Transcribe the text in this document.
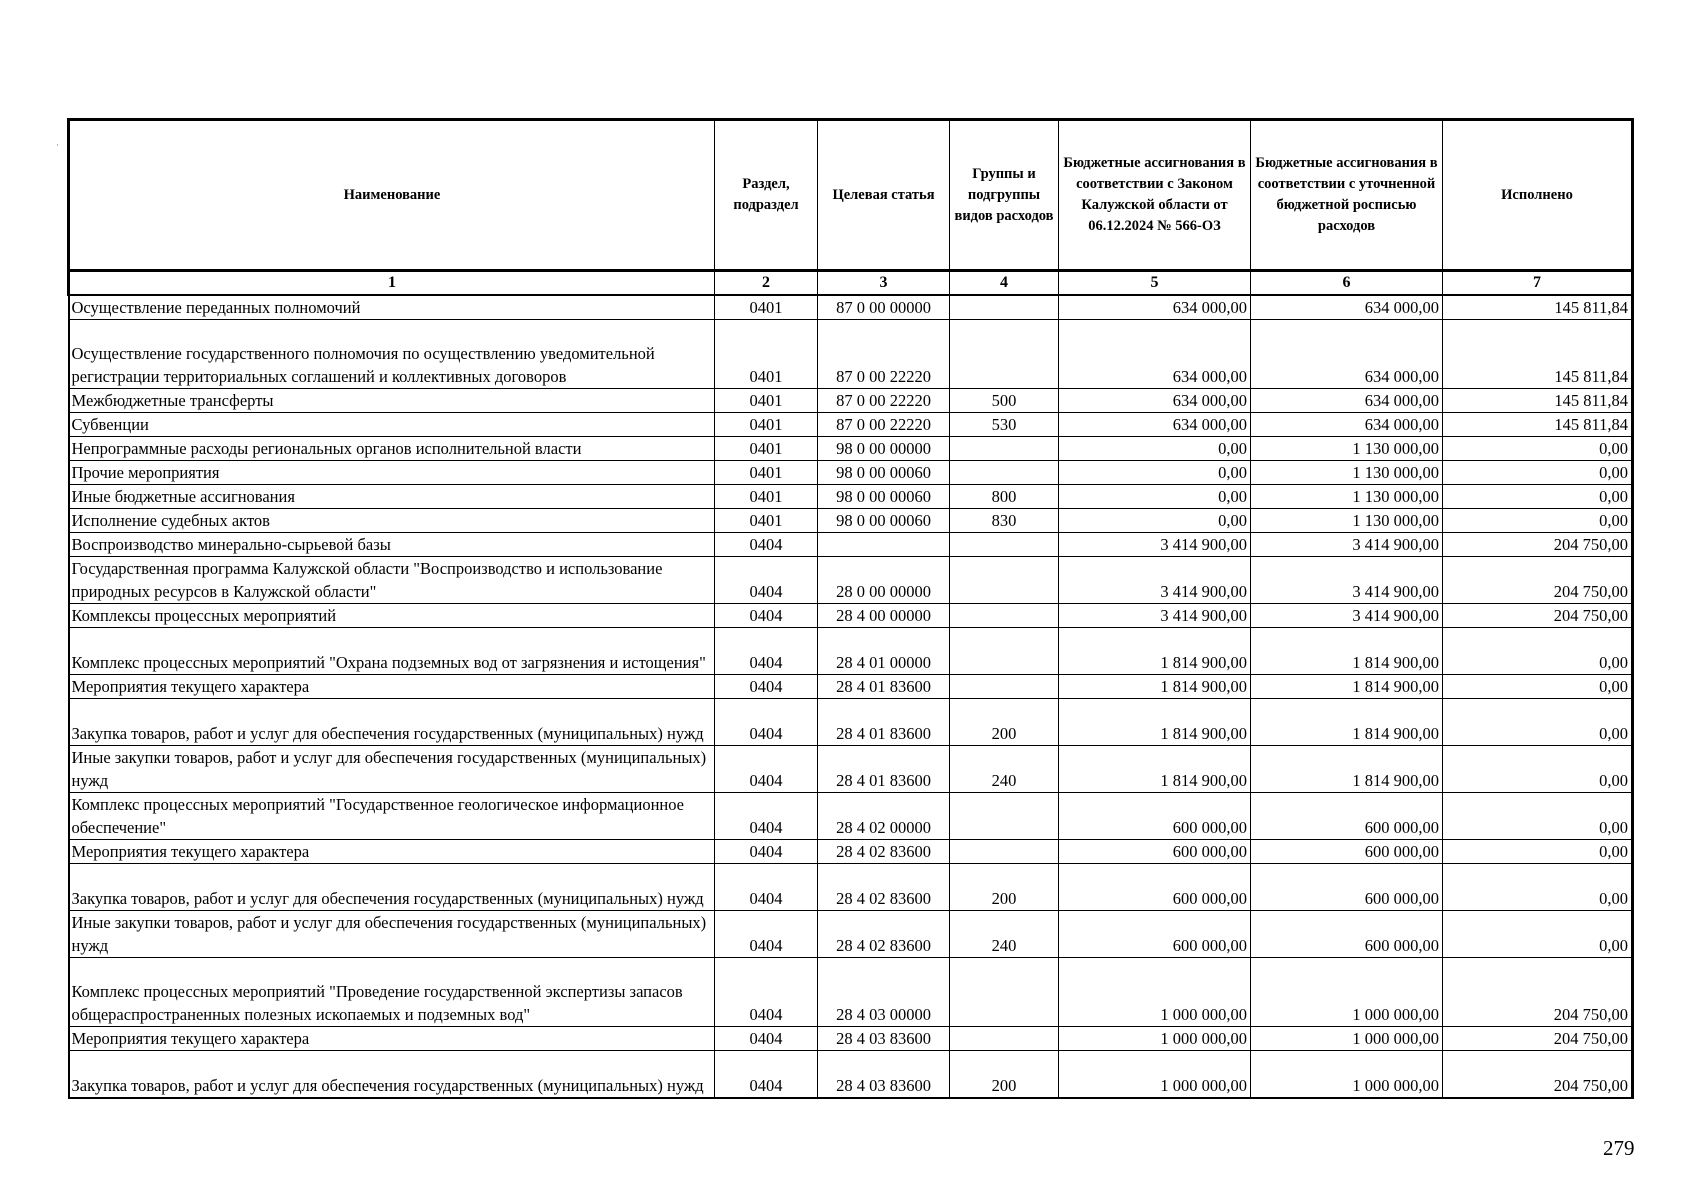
Наименование	Раздел, подраздел	Целевая статья	Группы и подгруппы видов расходов	Бюджетные ассигнования в соответствии с Законом Калужской области от 06.12.2024 № 566-ОЗ	Бюджетные ассигнования в соответствии с уточненной бюджетной росписью расходов	Исполнено
1	2	3	4	5	6	7
Осуществление переданных полномочий	0401	87 0 00 00000		634 000,00	634 000,00	145 811,84
Осуществление государственного полномочия по осуществлению уведомительной регистрации территориальных соглашений и коллективных договоров	0401	87 0 00 22220		634 000,00	634 000,00	145 811,84
Межбюджетные трансферты	0401	87 0 00 22220	500	634 000,00	634 000,00	145 811,84
Субвенции	0401	87 0 00 22220	530	634 000,00	634 000,00	145 811,84
Непрограммные расходы региональных органов исполнительной власти	0401	98 0 00 00000		0,00	1 130 000,00	0,00
Прочие мероприятия	0401	98 0 00 00060		0,00	1 130 000,00	0,00
Иные бюджетные ассигнования	0401	98 0 00 00060	800	0,00	1 130 000,00	0,00
Исполнение судебных актов	0401	98 0 00 00060	830	0,00	1 130 000,00	0,00
Воспроизводство минерально-сырьевой базы	0404			3 414 900,00	3 414 900,00	204 750,00
Государственная программа Калужской области "Воспроизводство и использование природных ресурсов в Калужской области"	0404	28 0 00 00000		3 414 900,00	3 414 900,00	204 750,00
Комплексы процессных мероприятий	0404	28 4 00 00000		3 414 900,00	3 414 900,00	204 750,00
Комплекс процессных мероприятий "Охрана подземных вод от загрязнения и истощения"	0404	28 4 01 00000		1 814 900,00	1 814 900,00	0,00
Мероприятия текущего характера	0404	28 4 01 83600		1 814 900,00	1 814 900,00	0,00
Закупка товаров, работ и услуг для обеспечения государственных (муниципальных) нужд	0404	28 4 01 83600	200	1 814 900,00	1 814 900,00	0,00
Иные закупки товаров, работ и услуг для обеспечения государственных (муниципальных) нужд	0404	28 4 01 83600	240	1 814 900,00	1 814 900,00	0,00
Комплекс процессных мероприятий "Государственное геологическое информационное обеспечение"	0404	28 4 02 00000		600 000,00	600 000,00	0,00
Мероприятия текущего характера	0404	28 4 02 83600		600 000,00	600 000,00	0,00
Закупка товаров, работ и услуг для обеспечения государственных (муниципальных) нужд	0404	28 4 02 83600	200	600 000,00	600 000,00	0,00
Иные закупки товаров, работ и услуг для обеспечения государственных (муниципальных) нужд	0404	28 4 02 83600	240	600 000,00	600 000,00	0,00
Комплекс процессных мероприятий "Проведение государственной экспертизы запасов общераспространенных полезных ископаемых и подземных вод"	0404	28 4 03 00000		1 000 000,00	1 000 000,00	204 750,00
Мероприятия текущего характера	0404	28 4 03 83600		1 000 000,00	1 000 000,00	204 750,00
Закупка товаров, работ и услуг для обеспечения государственных (муниципальных) нужд	0404	28 4 03 83600	200	1 000 000,00	1 000 000,00	204 750,00
·
279
